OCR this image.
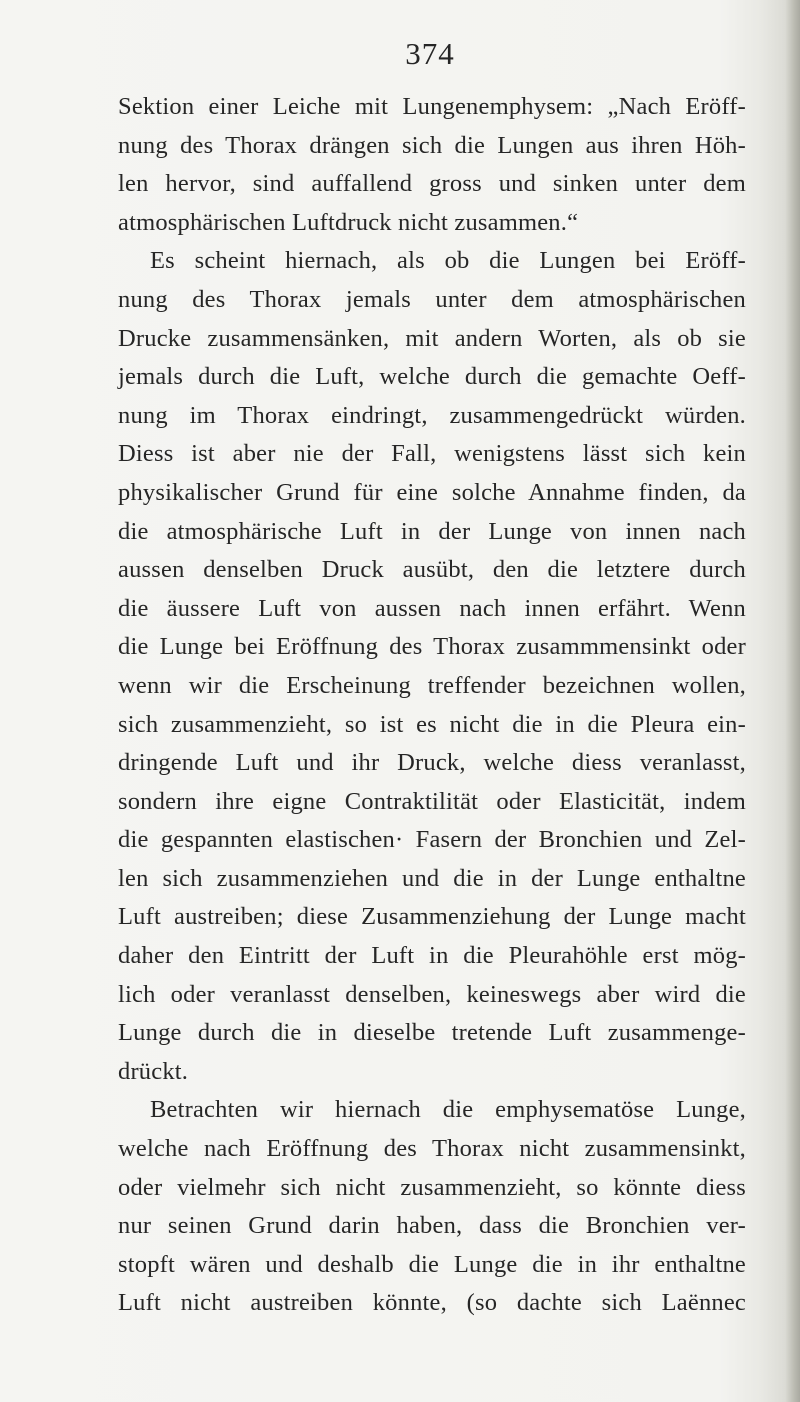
374
Sektion einer Leiche mit Lungenemphysem: „Nach Eröff-
nung des Thorax drängen sich die Lungen aus ihren Höh-
len hervor, sind auffallend gross und sinken unter dem
atmosphärischen Luftdruck nicht zusammen.“
Es scheint hiernach, als ob die Lungen bei Eröff-
nung des Thorax jemals unter dem atmosphärischen
Drucke zusammensänken, mit andern Worten, als ob sie
jemals durch die Luft, welche durch die gemachte Oeff-
nung im Thorax eindringt, zusammengedrückt würden.
Diess ist aber nie der Fall, wenigstens lässt sich kein
physikalischer Grund für eine solche Annahme finden, da
die atmosphärische Luft in der Lunge von innen nach
aussen denselben Druck ausübt, den die letztere durch
die äussere Luft von aussen nach innen erfährt. Wenn
die Lunge bei Eröffnung des Thorax zusammmensinkt oder
wenn wir die Erscheinung treffender bezeichnen wollen,
sich zusammenzieht, so ist es nicht die in die Pleura ein-
dringende Luft und ihr Druck, welche diess veranlasst,
sondern ihre eigne Contraktilität oder Elasticität, indem
die gespannten elastischen· Fasern der Bronchien und Zel-
len sich zusammenziehen und die in der Lunge enthaltne
Luft austreiben; diese Zusammenziehung der Lunge macht
daher den Eintritt der Luft in die Pleurahöhle erst mög-
lich oder veranlasst denselben, keineswegs aber wird die
Lunge durch die in dieselbe tretende Luft zusammenge-
drückt.
Betrachten wir hiernach die emphysematöse Lunge,
welche nach Eröffnung des Thorax nicht zusammensinkt,
oder vielmehr sich nicht zusammenzieht, so könnte diess
nur seinen Grund darin haben, dass die Bronchien ver-
stopft wären und deshalb die Lunge die in ihr enthaltne
Luft nicht austreiben könnte, (so dachte sich Laënnec
